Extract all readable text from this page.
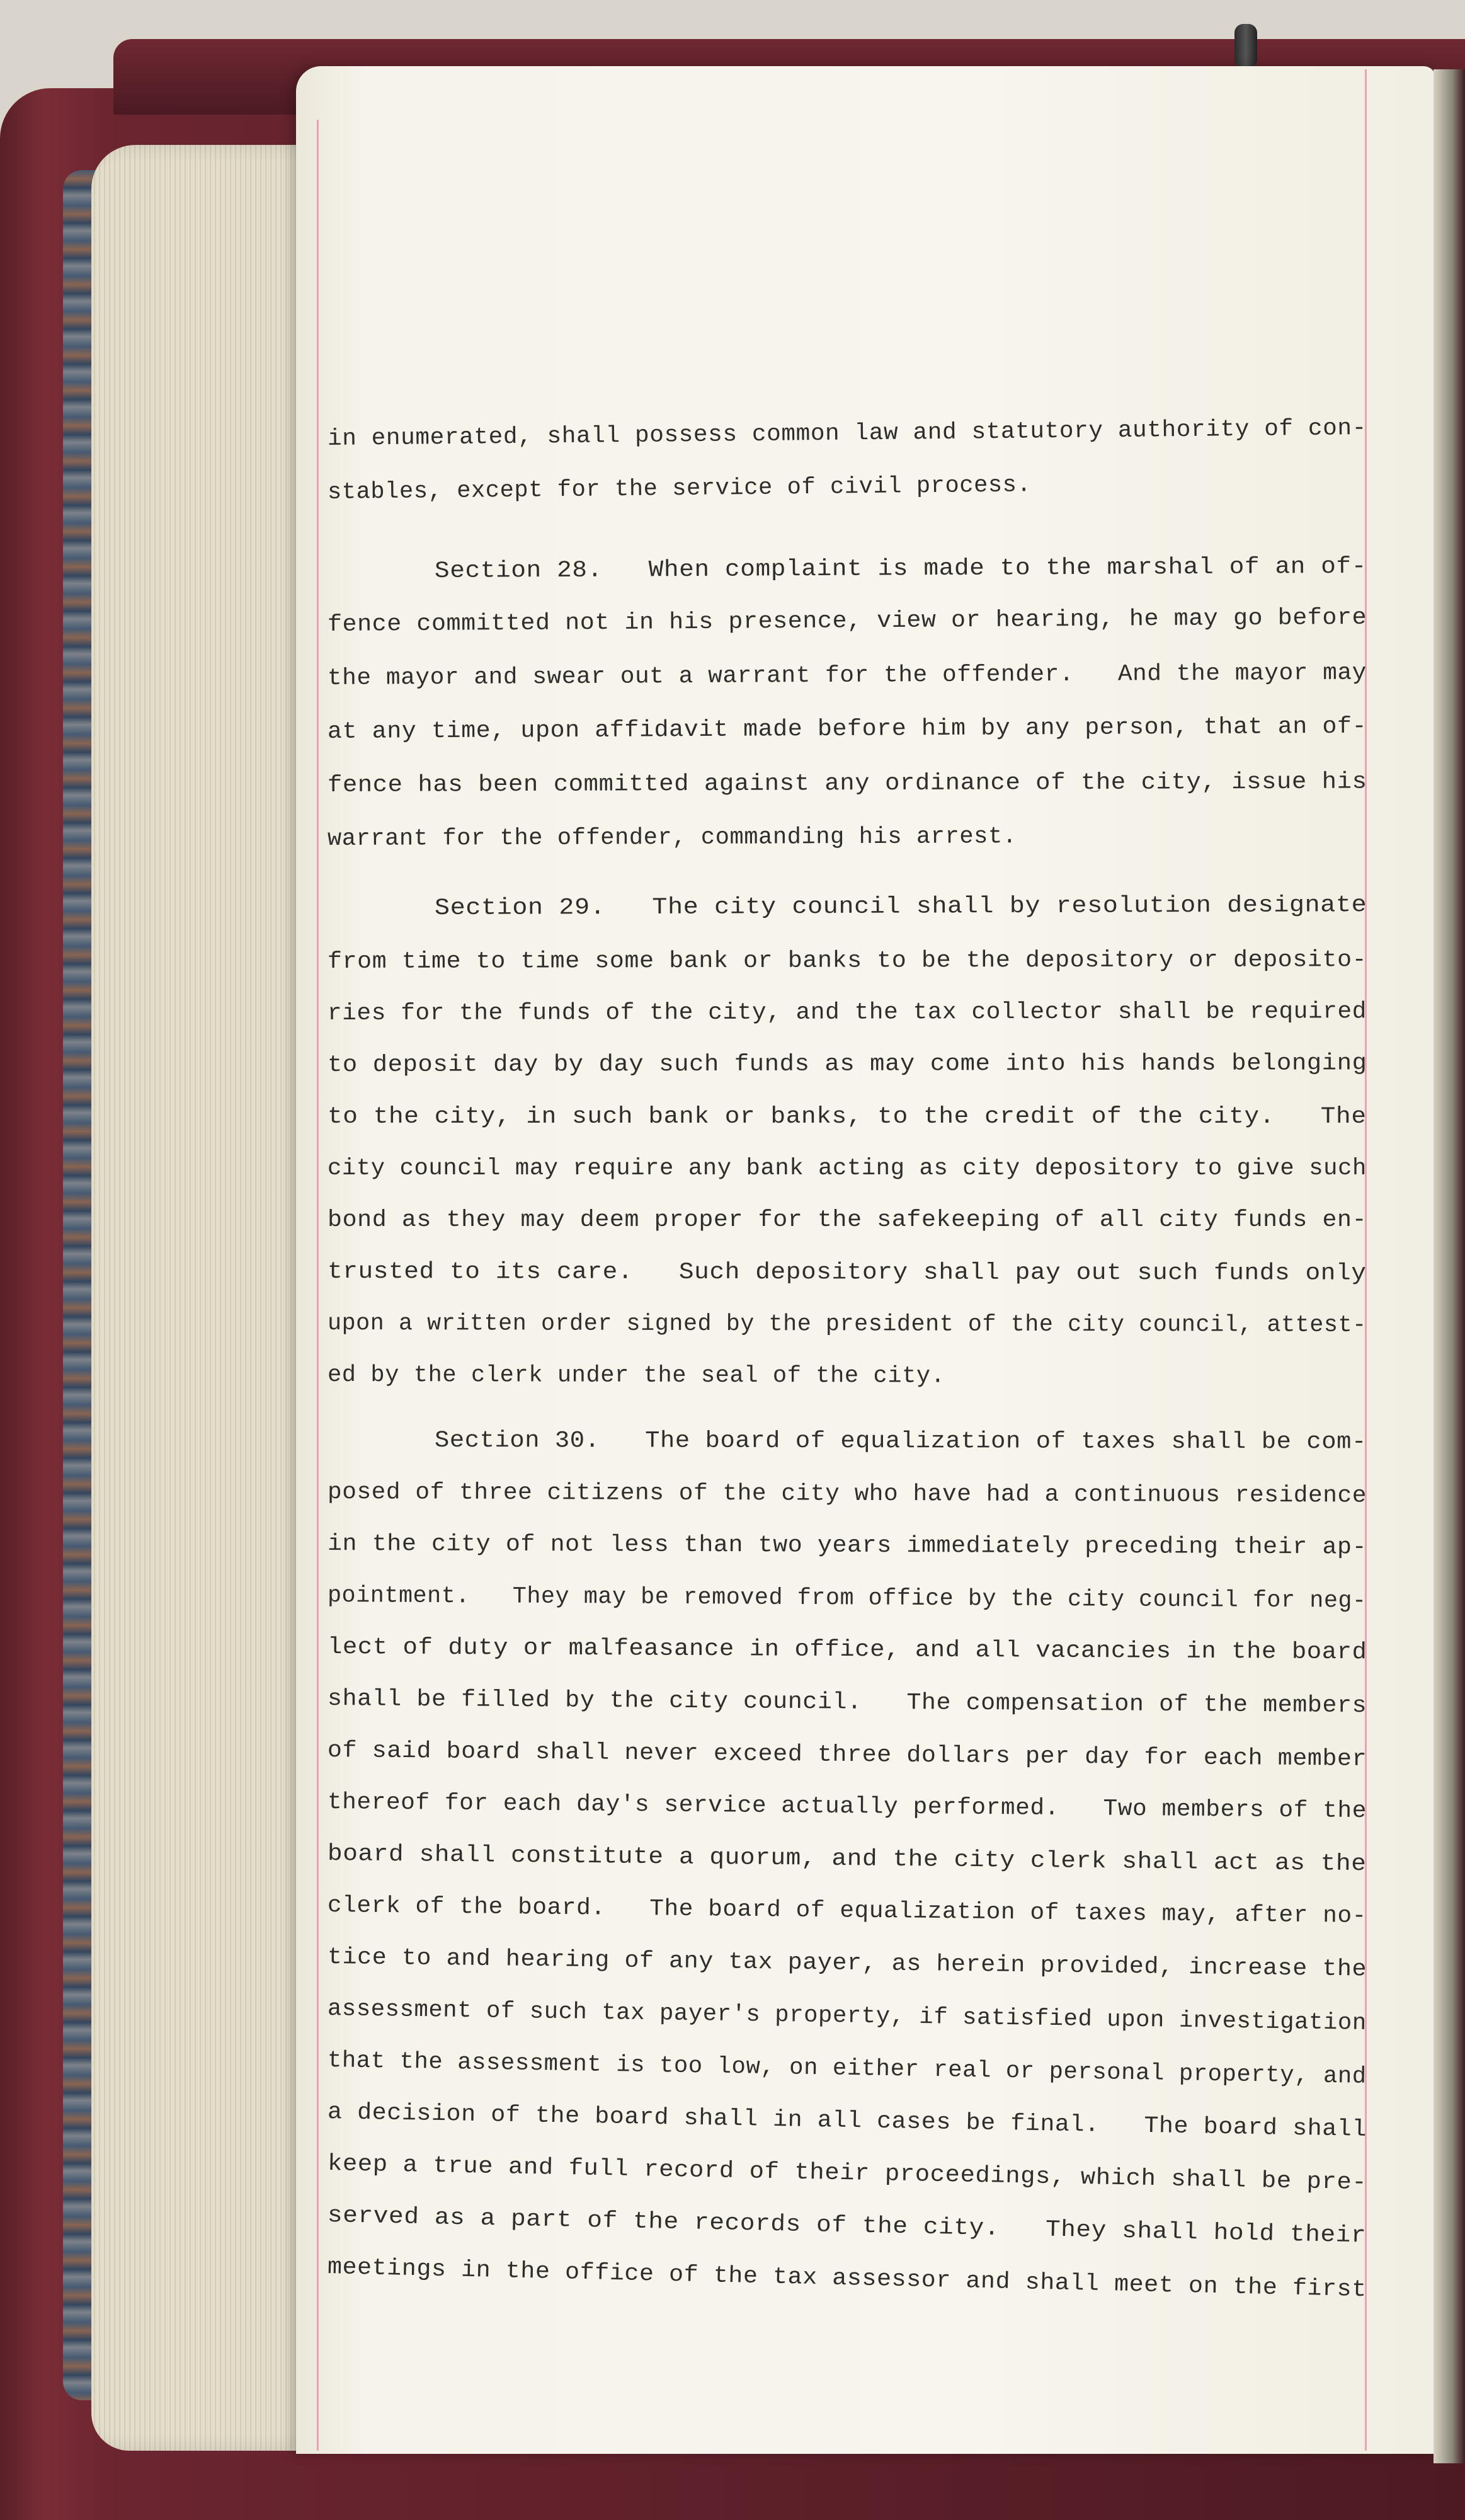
in enumerated, shall possess common law and statutory authority of con-
stables, except for the service of civil process.
Section 28.   When complaint is made to the marshal of an of-
fence committed not in his presence, view or hearing, he may go before
the mayor and swear out a warrant for the offender.   And the mayor may
at any time, upon affidavit made before him by any person, that an of-
fence has been committed against any ordinance of the city, issue his
warrant for the offender, commanding his arrest.
Section 29.   The city council shall by resolution designate
from time to time some bank or banks to be the depository or deposito-
ries for the funds of the city, and the tax collector shall be required
to deposit day by day such funds as may come into his hands belonging
to the city, in such bank or banks, to the credit of the city.   The
city council may require any bank acting as city depository to give such
bond as they may deem proper for the safekeeping of all city funds en-
trusted to its care.   Such depository shall pay out such funds only
upon a written order signed by the president of the city council, attest-
ed by the clerk under the seal of the city.
Section 30.   The board of equalization of taxes shall be com-
posed of three citizens of the city who have had a continuous residence
in the city of not less than two years immediately preceding their ap-
pointment.   They may be removed from office by the city council for neg-
lect of duty or malfeasance in office, and all vacancies in the board
shall be filled by the city council.   The compensation of the members
of said board shall never exceed three dollars per day for each member
thereof for each day's service actually performed.   Two members of the
board shall constitute a quorum, and the city clerk shall act as the
clerk of the board.   The board of equalization of taxes may, after no-
tice to and hearing of any tax payer, as herein provided, increase the
assessment of such tax payer's property, if satisfied upon investigation
that the assessment is too low, on either real or personal property, and
a decision of the board shall in all cases be final.   The board shall
keep a true and full record of their proceedings, which shall be pre-
served as a part of the records of the city.   They shall hold their
meetings in the office of the tax assessor and shall meet on the first
